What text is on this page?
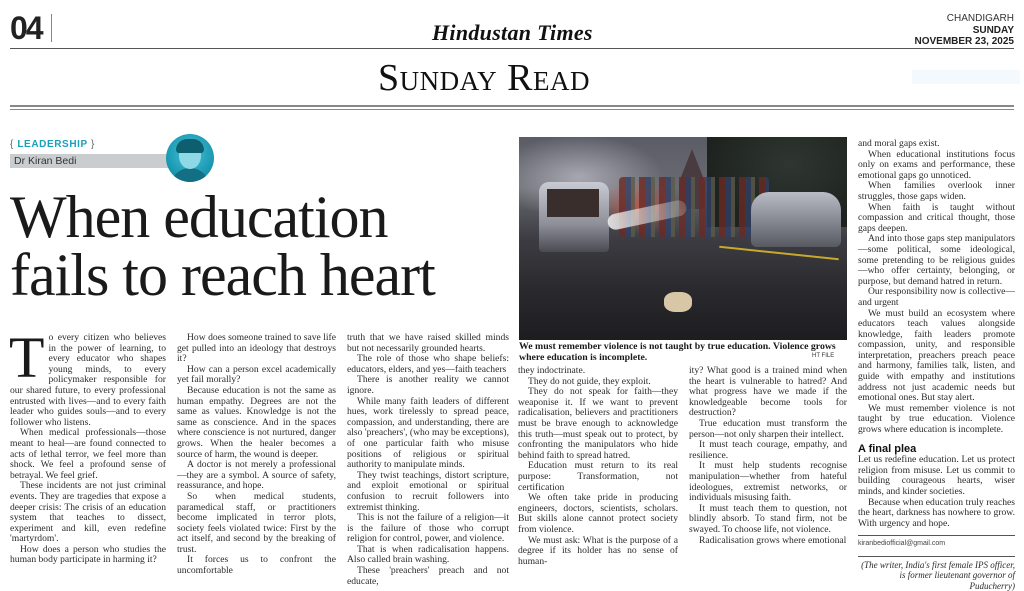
04	Hindustan Times
CHANDIGARH
SUNDAY
NOVEMBER 23, 2025
Sunday Read
{ LEADERSHIP }
Dr Kiran Bedi
When education
fails to reach heart
T o every citizen who believes in the power of learning, to every educator who shapes young minds, to every policymaker responsible for our shared future, to every professional entrusted with lives—and to every faith leader who guides souls—and to every follower who listens.

When medical professionals—those meant to heal—are found connected to acts of lethal terror, we feel more than shock. We feel a profound sense of betrayal. We feel grief.

These incidents are not just criminal events. They are tragedies that expose a deeper crisis: The crisis of an education system that teaches to dissect, experiment and kill, even redefine 'martyrdom'.

How does a person who studies the human body participate in harming it?

How does someone trained to save life get pulled into an ideology that destroys it?

How can a person excel academically yet fail morally?

Because education is not the same as human empathy. Degrees are not the same as values. Knowledge is not the same as conscience. And in the spaces where conscience is not nurtured, danger grows. When the healer becomes a source of harm, the wound is deeper.

A doctor is not merely a professional—they are a symbol. A source of safety, reassurance, and hope.

So when medical students, paramedical staff, or practitioners become implicated in terror plots, society feels violated twice: First by the act itself, and second by the breaking of trust.

It forces us to confront the uncomfortable

truth that we have raised skilled minds but not necessarily grounded hearts.

The role of those who shape beliefs: educators, elders, and yes—faith teachers

There is another reality we cannot ignore.

While many faith leaders of different hues, work tirelessly to spread peace, compassion, and understanding, there are also 'preachers', (who may be exceptions), of one particular faith who misuse positions of religious or spiritual authority to manipulate minds.

They twist teachings, distort scripture, and exploit emotional or spiritual confusion to recruit followers into extremist thinking.

This is not the failure of a religion—it is the failure of those who corrupt religion for control, power, and violence.

That is when radicalisation happens. Also called brain washing.

These 'preachers' preach and not educate,

We must remember violence is not taught by true education. Violence grows where education is incomplete.	HT FILE

they indoctrinate.

They do not guide, they exploit.

They do not speak for faith—they weaponise it. If we want to prevent radicalisation, believers and practitioners must be brave enough to acknowledge this truth—must speak out to protect, by confronting the manipulators who hide behind faith to spread hatred.

Education must return to its real purpose: Transformation, not certification

We often take pride in producing engineers, doctors, scientists, scholars. But skills alone cannot protect society from violence.

We must ask: What is the purpose of a degree if its holder has no sense of human-

ity? What good is a trained mind when the heart is vulnerable to hatred? And what progress have we made if the knowledgeable become tools for destruction?

True education must transform the person—not only sharpen their intellect.

It must teach courage, empathy, and resilience.

It must help students recognise manipulation—whether from hateful ideologues, extremist networks, or individuals misusing faith.

It must teach them to question, not blindly absorb. To stand firm, not be swayed. To choose life, not violence.

Radicalisation grows where emotional

and moral gaps exist.

When educational institutions focus only on exams and performance, these emotional gaps go unnoticed.

When families overlook inner struggles, those gaps widen.

When faith is taught without compassion and critical thought, those gaps deepen.

And into those gaps step manipulators—some political, some ideological, some pretending to be religious guides—who offer certainty, belonging, or purpose, but demand hatred in return.

Our responsibility now is collective—and urgent

We must build an ecosystem where educators teach values alongside knowledge, faith leaders promote compassion, unity, and responsible interpretation, preachers preach peace and harmony, families talk, listen, and guide with empathy and institutions address not just academic needs but emotional ones. But stay alert.

We must remember violence is not taught by true education. Violence grows where education is incomplete.

A final plea

Let us redefine education. Let us protect religion from misuse. Let us commit to building courageous hearts, wiser minds, and kinder societies.

Because when education truly reaches the heart, darkness has nowhere to grow. With urgency and hope.

kiranbediofficial@gmail.com
(The writer, India's first female IPS officer, is former lieutenant governor of Puducherry)
